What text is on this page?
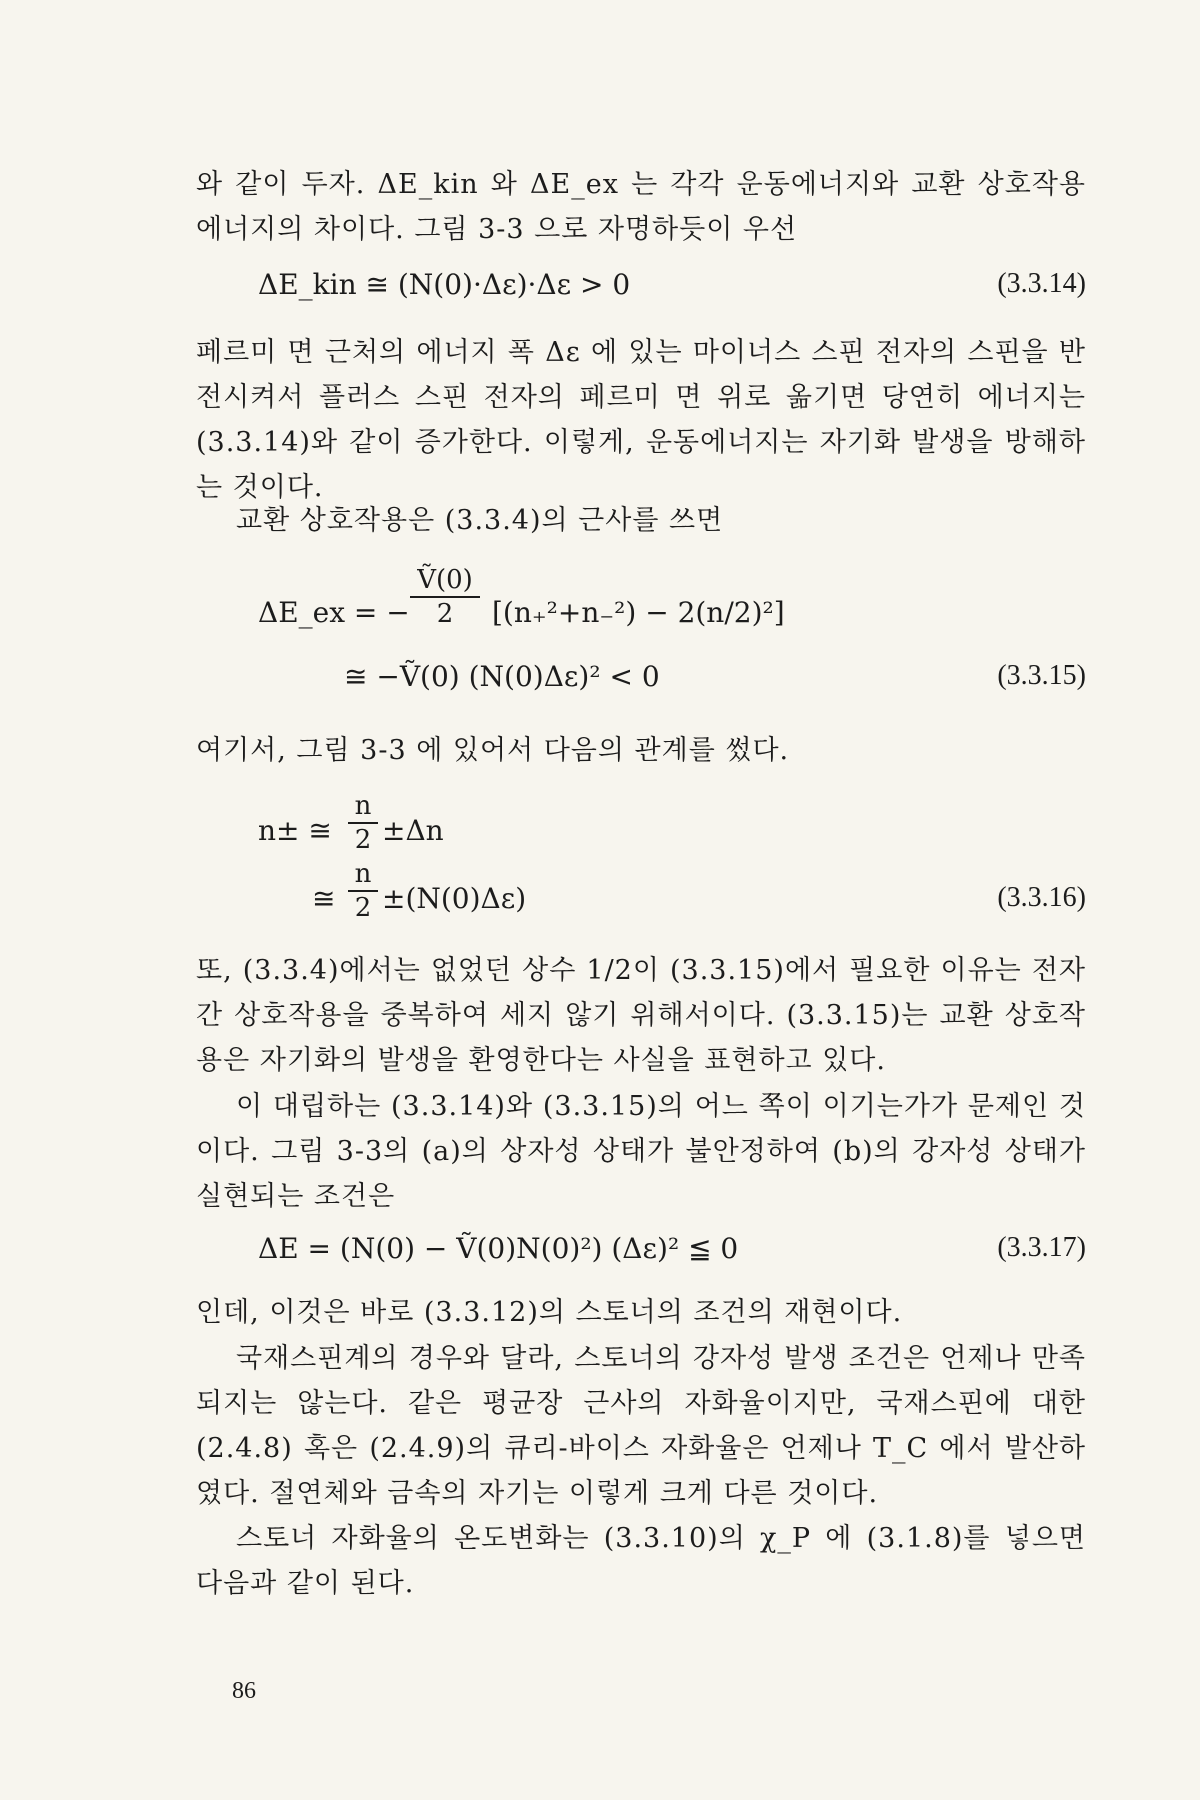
와 같이 두자. ΔE_kin 와 ΔE_ex 는 각각 운동에너지와 교환 상호작용 에너지의 차이다. 그림 3-3 으로 자명하듯이 우선
ΔE_kin ≅ (N(0)·Δε)·Δε > 0	(3.3.14)
페르미 면 근처의 에너지 폭 Δε 에 있는 마이너스 스핀 전자의 스핀을 반전시켜서 플러스 스핀 전자의 페르미 면 위로 옮기면 당연히 에너지는 (3.3.14)와 같이 증가한다. 이렇게, 운동에너지는 자기화 발생을 방해하는 것이다.
교환 상호작용은 (3.3.4)의 근사를 쓰면
ΔE_ex = − $\frac{\text{Ṽ(0)}}{2} [(n_+^2+n_-^2) - 2(n/2)^2]$
≅ −Ṽ(0) (N(0)Δε)² < 0	(3.3.15)
여기서, 그림 3-3 에 있어서 다음의 관계를 썼다.
n± ≅ $\frac{n}{2} \pm\Delta n$
≅ $\frac{n}{2} \pm(N(0)\Delta\varepsilon)$	(3.3.16)
또, (3.3.4)에서는 없었던 상수 1/2이 (3.3.15)에서 필요한 이유는 전자간 상호작용을 중복하여 세지 않기 위해서이다. (3.3.15)는 교환 상호작용은 자기화의 발생을 환영한다는 사실을 표현하고 있다.
이 대립하는 (3.3.14)와 (3.3.15)의 어느 쪽이 이기는가가 문제인 것이다. 그림 3-3의 (a)의 상자성 상태가 불안정하여 (b)의 강자성 상태가 실현되는 조건은
ΔE = (N(0) − Ṽ(0)N(0)²) (Δε)² ≦ 0	(3.3.17)
인데, 이것은 바로 (3.3.12)의 스토너의 조건의 재현이다.
국재스핀계의 경우와 달라, 스토너의 강자성 발생 조건은 언제나 만족되지는 않는다. 같은 평균장 근사의 자화율이지만, 국재스핀에 대한 (2.4.8) 혹은 (2.4.9)의 큐리-바이스 자화율은 언제나 T_C 에서 발산하였다. 절연체와 금속의 자기는 이렇게 크게 다른 것이다.
스토너 자화율의 온도변화는 (3.3.10)의 χ_P 에 (3.1.8)를 넣으면 다음과 같이 된다.
86
